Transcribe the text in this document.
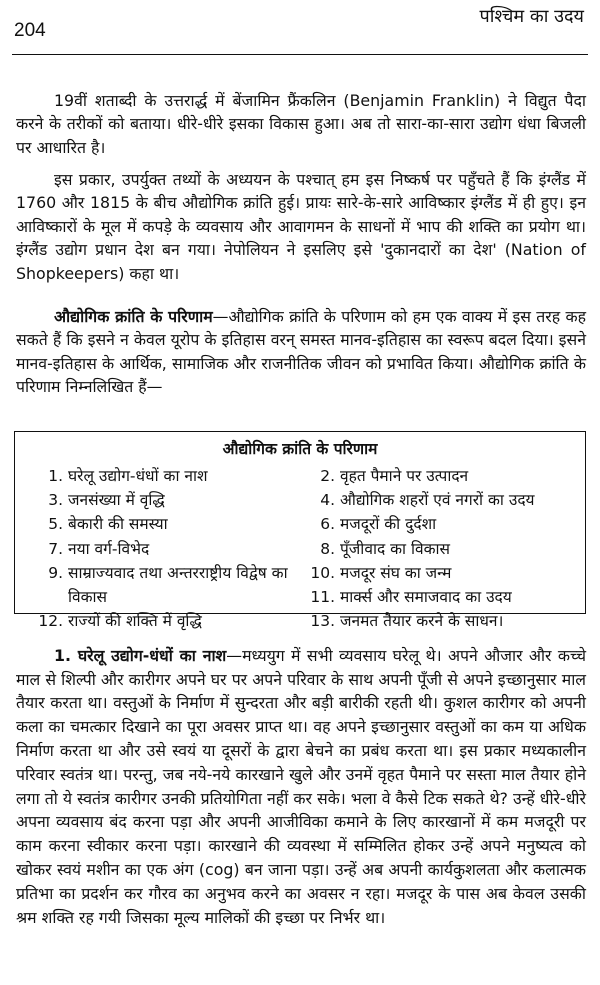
204
पश्चिम का उदय

19वीं शताब्दी के उत्तरार्द्ध में बेंजामिन फ्रैंकलिन (Benjamin Franklin) ने विद्युत पैदा करने के तरीकों को बताया। धीरे-धीरे इसका विकास हुआ। अब तो सारा-का-सारा उद्योग धंधा बिजली पर आधारित है।

इस प्रकार, उपर्युक्त तथ्यों के अध्ययन के पश्चात् हम इस निष्कर्ष पर पहुँचते हैं कि इंग्लैंड में 1760 और 1815 के बीच औद्योगिक क्रांति हुई। प्रायः सारे-के-सारे आविष्कार इंग्लैंड में ही हुए। इन आविष्कारों के मूल में कपड़े के व्यवसाय और आवागमन के साधनों में भाप की शक्ति का प्रयोग था। इंग्लैंड उद्योग प्रधान देश बन गया। नेपोलियन ने इसलिए इसे 'दुकानदारों का देश' (Nation of Shopkeepers) कहा था।

औद्योगिक क्रांति के परिणाम—औद्योगिक क्रांति के परिणाम को हम एक वाक्य में इस तरह कह सकते हैं कि इसने न केवल यूरोप के इतिहास वरन् समस्त मानव-इतिहास का स्वरूप बदल दिया। इसने मानव-इतिहास के आर्थिक, सामाजिक और राजनीतिक जीवन को प्रभावित किया। औद्योगिक क्रांति के परिणाम निम्नलिखित हैं—

औद्योगिक क्रांति के परिणाम
1. घरेलू उद्योग-धंधों का नाश
3. जनसंख्या में वृद्धि
5. बेकारी की समस्या
7. नया वर्ग-विभेद
9. साम्राज्यवाद तथा अन्तरराष्ट्रीय विद्वेष का विकास
12. राज्यों की शक्ति में वृद्धि
2. वृहत पैमाने पर उत्पादन
4. औद्योगिक शहरों एवं नगरों का उदय
6. मजदूरों की दुर्दशा
8. पूँजीवाद का विकास
10. मजदूर संघ का जन्म
11. मार्क्स और समाजवाद का उदय
13. जनमत तैयार करने के साधन।

1. घरेलू उद्योग-धंधों का नाश—मध्ययुग में सभी व्यवसाय घरेलू थे। अपने औजार और कच्चे माल से शिल्पी और कारीगर अपने घर पर अपने परिवार के साथ अपनी पूँजी से अपने इच्छानुसार माल तैयार करता था। वस्तुओं के निर्माण में सुन्दरता और बड़ी बारीकी रहती थी। कुशल कारीगर को अपनी कला का चमत्कार दिखाने का पूरा अवसर प्राप्त था। वह अपने इच्छानुसार वस्तुओं का कम या अधिक निर्माण करता था और उसे स्वयं या दूसरों के द्वारा बेचने का प्रबंध करता था। इस प्रकार मध्यकालीन परिवार स्वतंत्र था। परन्तु, जब नये-नये कारखाने खुले और उनमें वृहत पैमाने पर सस्ता माल तैयार होने लगा तो ये स्वतंत्र कारीगर उनकी प्रतियोगिता नहीं कर सके। भला वे कैसे टिक सकते थे? उन्हें धीरे-धीरे अपना व्यवसाय बंद करना पड़ा और अपनी आजीविका कमाने के लिए कारखानों में कम मजदूरी पर काम करना स्वीकार करना पड़ा। कारखाने की व्यवस्था में सम्मिलित होकर उन्हें अपने मनुष्यत्व को खोकर स्वयं मशीन का एक अंग (cog) बन जाना पड़ा। उन्हें अब अपनी कार्यकुशलता और कलात्मक प्रतिभा का प्रदर्शन कर गौरव का अनुभव करने का अवसर न रहा। मजदूर के पास अब केवल उसकी श्रम शक्ति रह गयी जिसका मूल्य मालिकों की इच्छा पर निर्भर था।
